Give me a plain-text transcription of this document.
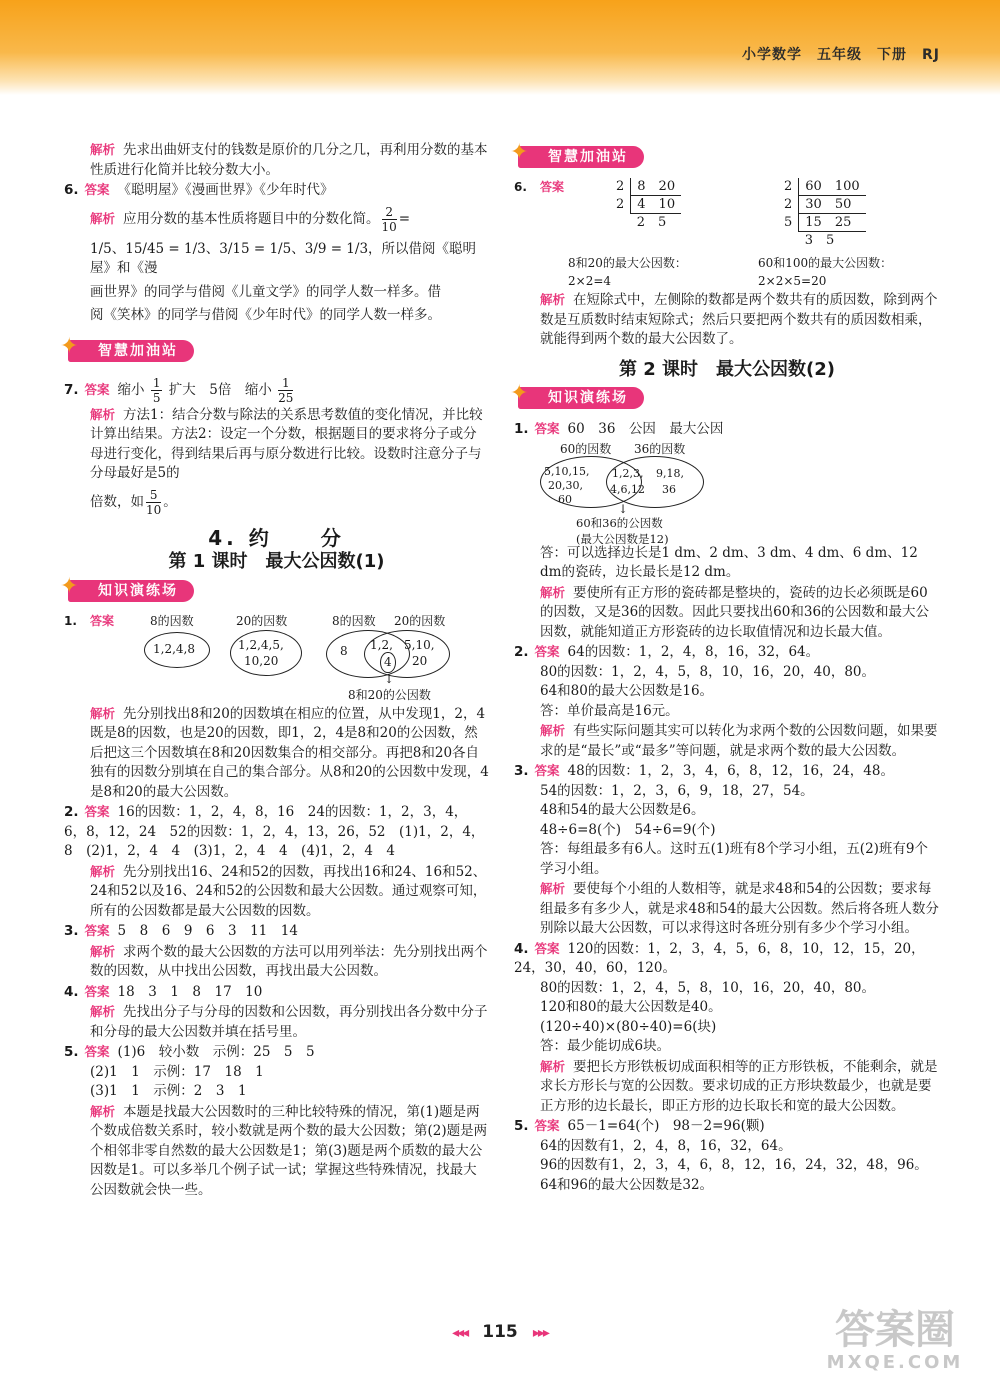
小学数学　五年级　下册　RJ

解析 先求出曲妍支付的钱数是原价的几分之几，再利用分数的基本性质进行化简并比较分数大小。

6. 答案 《聪明屋》《漫画世界》《少年时代》

解析 应用分数的基本性质将题目中的分数化简。 $\frac{2}{10}$ =

1/5、15/45 = 1/3、3/15 = 1/5、3/9 = 1/3，所以借阅《聪明屋》和《漫

画世界》的同学与借阅《儿童文学》的同学人数一样多。借

阅《笑林》的同学与借阅《少年时代》的同学人数一样多。

✦ 智慧加油站

7. 答案 缩小 $\frac{1}{5}$ 扩大　5倍　缩小 $\frac{1}{25}$

解析 方法1：结合分数与除法的关系思考数值的变化情况，并比较计算出结果。方法2：设定一个分数，根据题目的要求将分子或分母进行变化，得到结果后再与原分数进行比较。设数时注意分子与分母最好是5的

倍数，如 $\frac{5}{10}$ 。

4. 约　　分
第 1 课时　最大公因数(1)
✦ 知识演练场
1. 答案	8的因数
1,2,4,8
20的因数
1,2,4,5,
10,20
8的因数 20的因数
8 1,2,
4
5,10,
20
↓
8和20的公因数

解析 先分别找出8和20的因数填在相应的位置，从中发现1，2，4既是8的因数，也是20的因数，即1，2，4是8和20的公因数，然后把这三个因数填在8和20因数集合的相交部分。再把8和20各自独有的因数分别填在自己的集合部分。从8和20的公因数中发现，4是8和20的最大公因数。

2. 答案 16的因数：1，2，4，8，16　24的因数：1，2，3，4，6，8，12，24　52的因数：1，2，4，13，26，52　(1)1，2，4，8　(2)1，2，4　4　(3)1，2，4　4　(4)1，2，4　4

解析 先分别找出16、24和52的因数，再找出16和24、16和52、24和52以及16、24和52的公因数和最大公因数。通过观察可知，所有的公因数都是最大公因数的因数。

3. 答案 5　8　6　9　6　3　11　14

解析 求两个数的最大公因数的方法可以用列举法：先分别找出两个数的因数，从中找出公因数，再找出最大公因数。

4. 答案 18　3　1　8　17　10

解析 先找出分子与分母的因数和公因数，再分别找出各分数中分子和分母的最大公因数并填在括号里。

5. 答案 (1)6　较小数　示例：25　5　5

(2)1　1　示例：17　18　1

(3)1　1　示例：2　3　1

解析 本题是找最大公因数时的三种比较特殊的情况，第(1)题是两个数成倍数关系时，较小数就是两个数的最大公因数；第(2)题是两个相邻非零自然数的最大公因数是1；第(3)题是两个质数的最大公因数是1。可以多举几个例子试一试；掌握这些特殊情况，找最大公因数就会快一些。

✦ 智慧加油站
6. 答案	2	8　20
2	4　10
	2　5
2	60　100
2	30　50
5	15　25
	3　5
8和20的最大公因数：
2×2=4
60和100的最大公因数：
2×2×5=20

解析 在短除式中，左侧除的数都是两个数共有的质因数，除到两个数是互质数时结束短除式；然后只要把两个数共有的质因数相乘，就能得到两个数的最大公因数了。

第 2 课时　最大公因数(2)
✦ 知识演练场

1. 答案 60　36　公因　最大公因

60的因数 36的因数
5,10,15,
20,30,
60
1,2,3,
4,6,12
9,18,
36
↓
60和36的公因数
(最大公因数是12)

答：可以选择边长是1 dm、2 dm、3 dm、4 dm、6 dm、12 dm的瓷砖，边长最长是12 dm。

解析 要使所有正方形的瓷砖都是整块的，瓷砖的边长必须既是60的因数，又是36的因数。因此只要找出60和36的公因数和最大公因数，就能知道正方形瓷砖的边长取值情况和边长最大值。

2. 答案 64的因数：1，2，4，8，16，32，64。

80的因数：1，2，4，5，8，10，16，20，40，80。

64和80的最大公因数是16。

答：单价最高是16元。

解析 有些实际问题其实可以转化为求两个数的公因数问题，如果要求的是“最长”或“最多”等问题，就是求两个数的最大公因数。

3. 答案 48的因数：1，2，3，4，6，8，12，16，24，48。

54的因数：1，2，3，6，9，18，27，54。

48和54的最大公因数是6。

48÷6=8(个)　54÷6=9(个)

答：每组最多有6人。这时五(1)班有8个学习小组，五(2)班有9个学习小组。

解析 要使每个小组的人数相等，就是求48和54的公因数；要求每组最多有多少人，就是求48和54的最大公因数。然后将各班人数分别除以最大公因数，可以求得这时各班分别有多少个学习小组。

4. 答案 120的因数：1，2，3，4，5，6，8，10，12，15，20，24，30，40，60，120。

80的因数：1，2，4，5，8，10，16，20，40，80。

120和80的最大公因数是40。

(120÷40)×(80÷40)=6(块)

答：最少能切成6块。

解析 要把长方形铁板切成面积相等的正方形铁板，不能剩余，就是求长方形长与宽的公因数。要求切成的正方形块数最少，也就是要正方形的边长最长，即正方形的边长取长和宽的最大公因数。

5. 答案 65－1=64(个)　98－2=96(颗)

64的因数有1，2，4，8，16，32，64。

96的因数有1，2，3，4，6，8，12，16，24，32，48，96。

64和96的最大公因数是32。

◂◂◂ 115 ▸▸▸	答案圈
MXQE.COM
